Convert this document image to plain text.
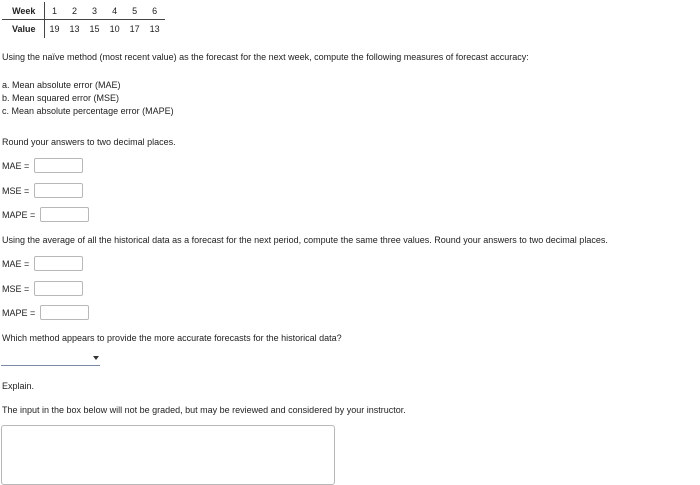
Week	1	2	3	4	5	6
Value	19	13	15	10	17	13
Using the naïve method (most recent value) as the forecast for the next week, compute the following measures of forecast accuracy:
a. Mean absolute error (MAE)
b. Mean squared error (MSE)
c. Mean absolute percentage error (MAPE)
Round your answers to two decimal places.
MAE =
MSE =
MAPE =
Using the average of all the historical data as a forecast for the next period, compute the same three values. Round your answers to two decimal places.
MAE =
MSE =
MAPE =
Which method appears to provide the more accurate forecasts for the historical data?
Explain.
The input in the box below will not be graded, but may be reviewed and considered by your instructor.
